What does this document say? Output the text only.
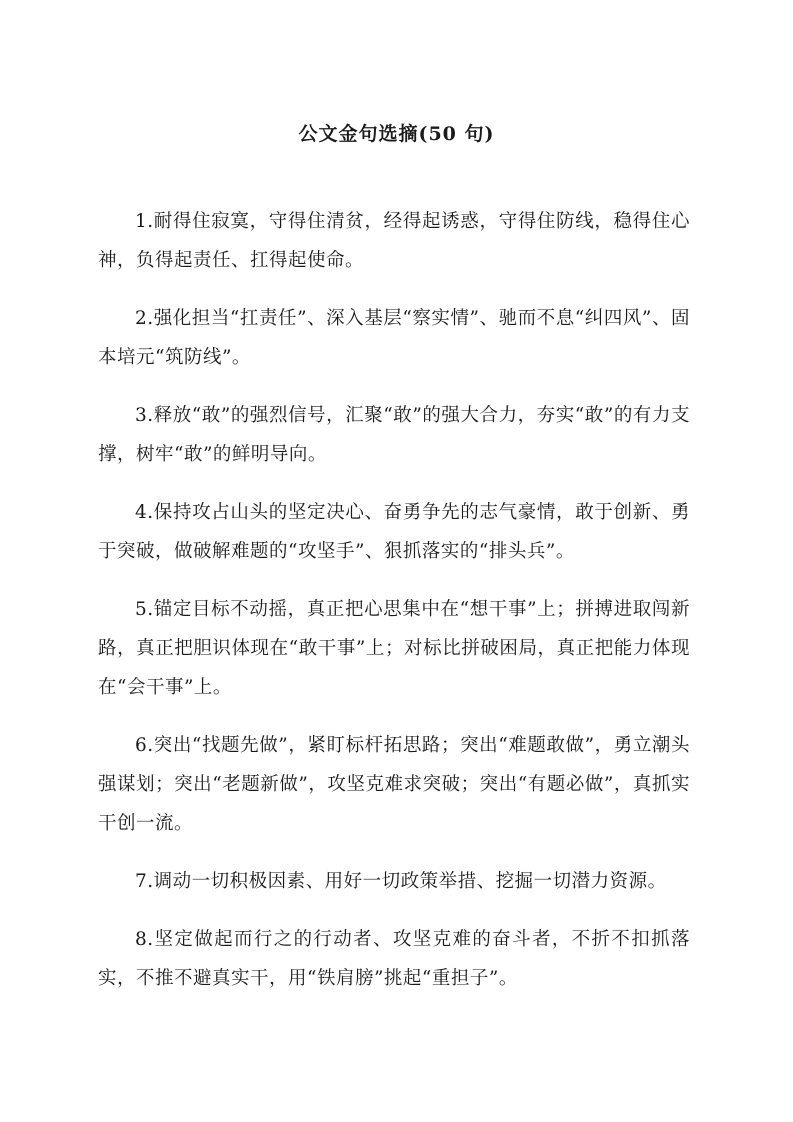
公文金句选摘(50 句)

1.耐得住寂寞，守得住清贫，经得起诱惑，守得住防线，稳得住心神，负得起责任、扛得起使命。

2.强化担当“扛责任”、深入基层“察实情”、驰而不息“纠四风”、固本培元“筑防线”。

3.释放“敢”的强烈信号，汇聚“敢”的强大合力，夯实“敢”的有力支撑，树牢“敢”的鲜明导向。

4.保持攻占山头的坚定决心、奋勇争先的志气豪情，敢于创新、勇于突破，做破解难题的“攻坚手”、狠抓落实的“排头兵”。

5.锚定目标不动摇，真正把心思集中在“想干事”上；拼搏进取闯新路，真正把胆识体现在“敢干事”上；对标比拼破困局，真正把能力体现在“会干事”上。

6.突出“找题先做”，紧盯标杆拓思路；突出“难题敢做”，勇立潮头强谋划；突出“老题新做”，攻坚克难求突破；突出“有题必做”，真抓实干创一流。

7.调动一切积极因素、用好一切政策举措、挖掘一切潜力资源。

8.坚定做起而行之的行动者、攻坚克难的奋斗者，不折不扣抓落实，不推不避真实干，用“铁肩膀”挑起“重担子”。
